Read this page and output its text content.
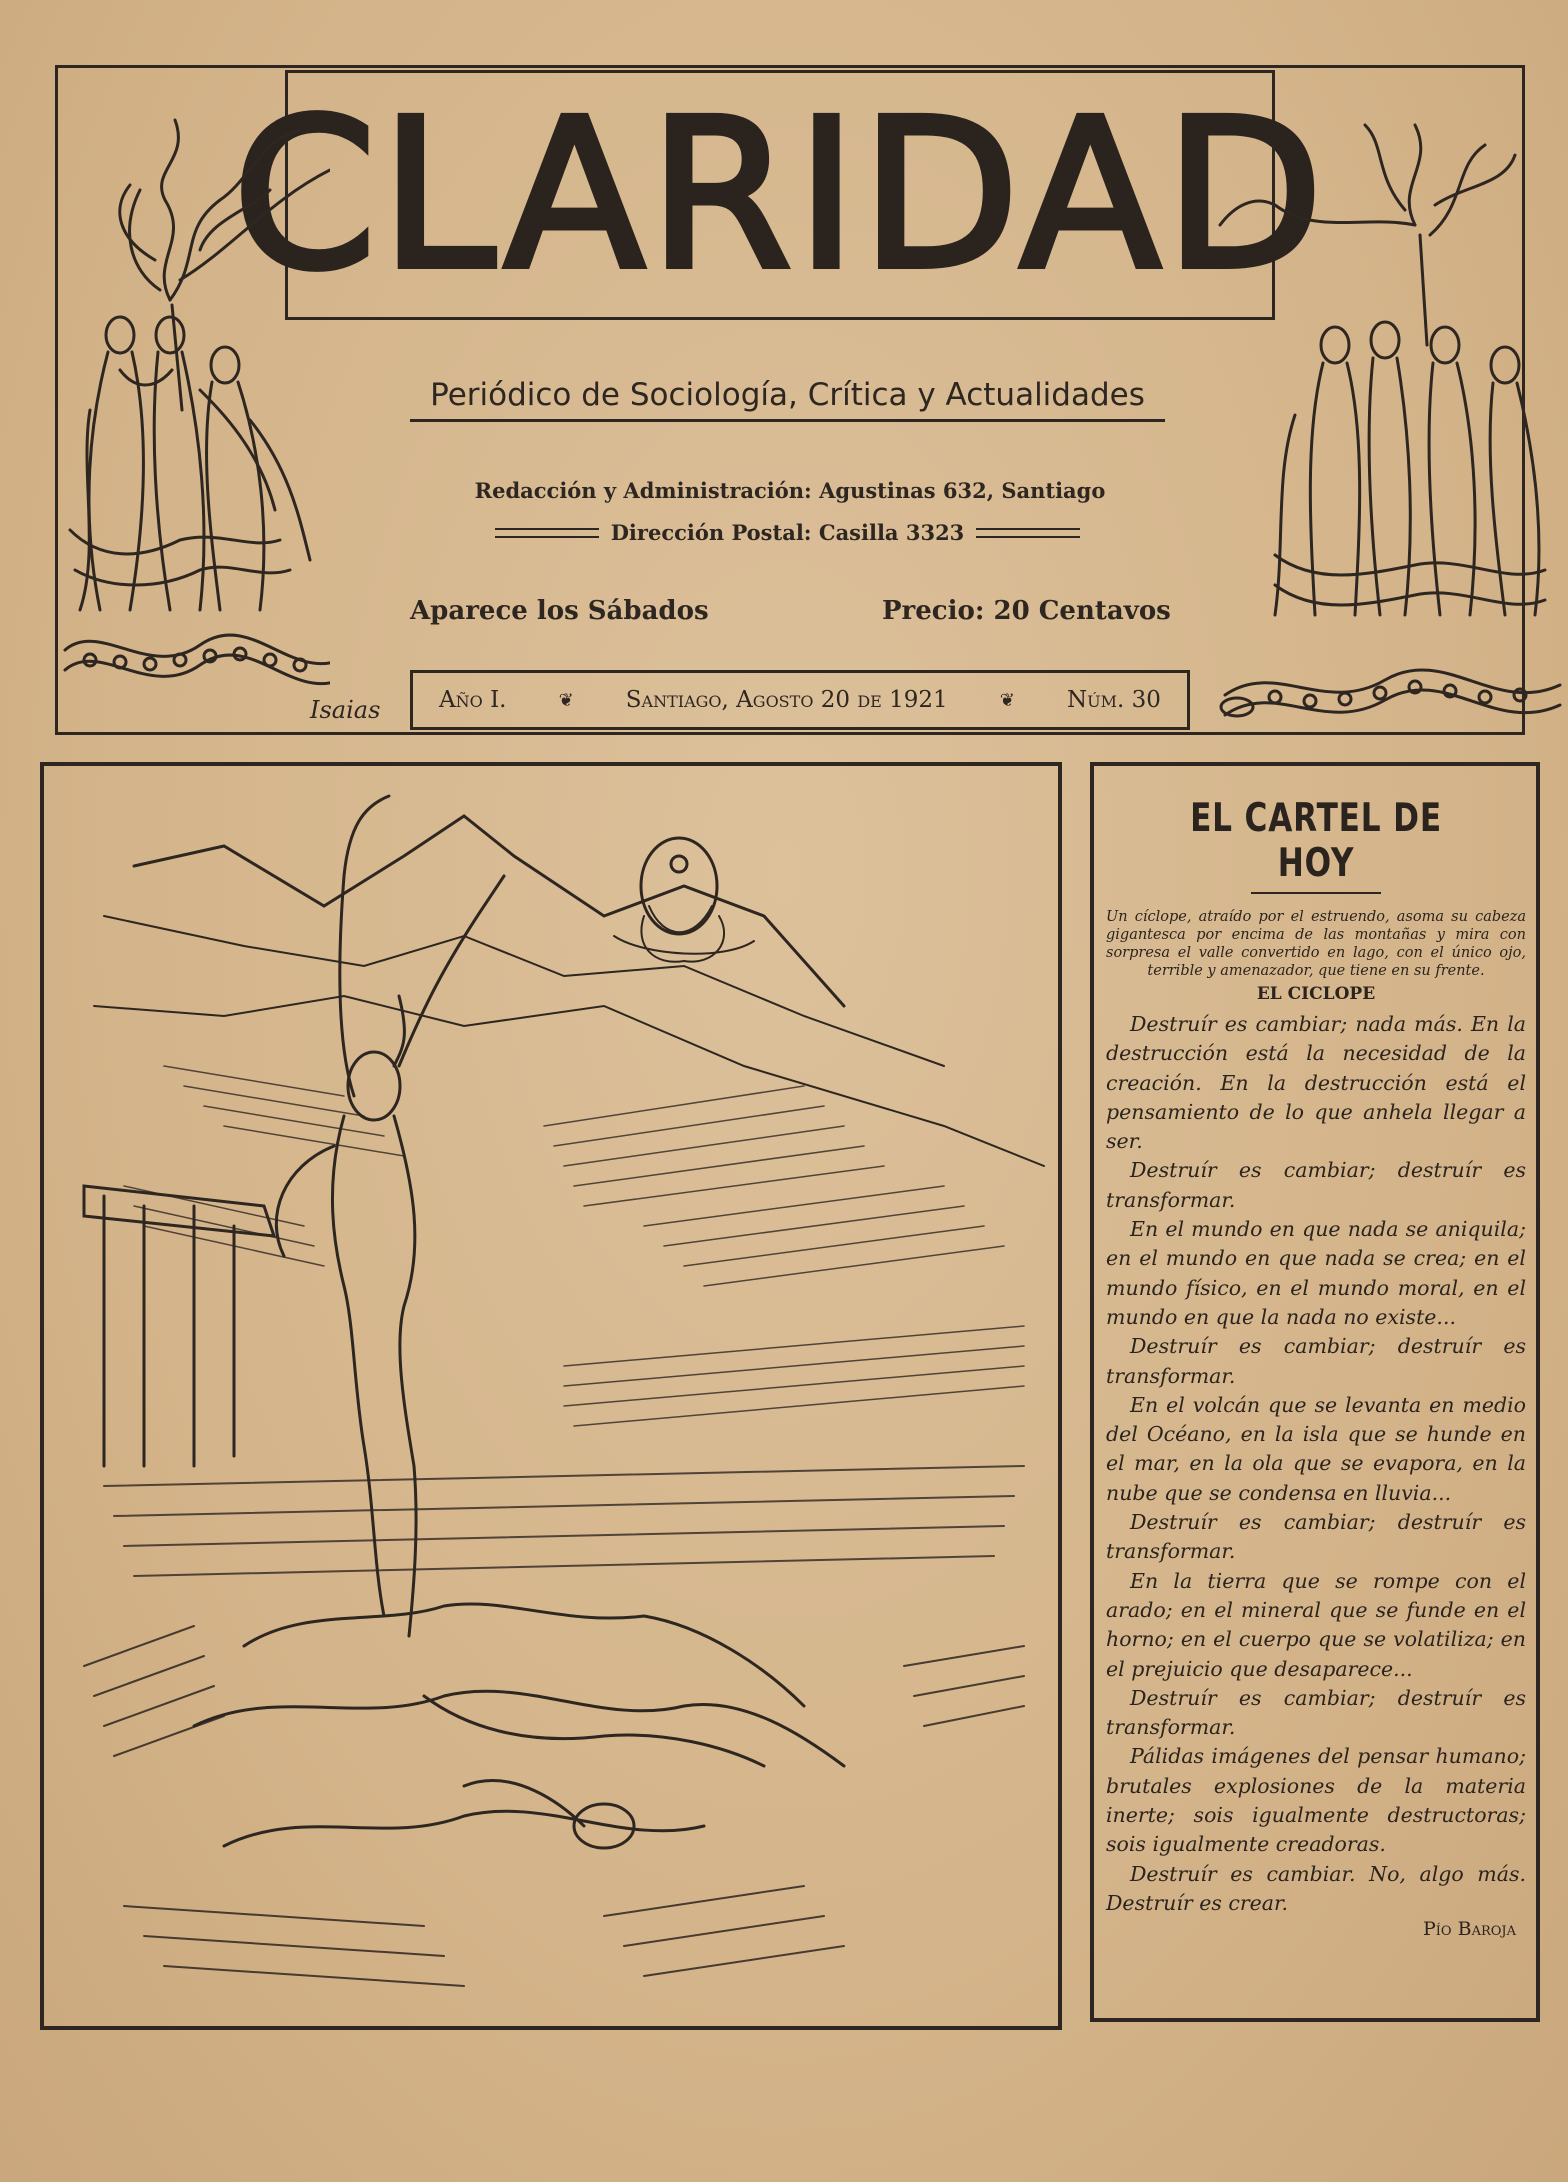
CLARIDAD
Periódico de Sociología, Crítica y Actualidades
Redacción y Administración: Agustinas 632, Santiago
Dirección Postal: Casilla 3323
Aparece los Sábados	Precio: 20 Centavos
Año I.	❦ Santiago, Agosto 20 de 1921	❦ Núm. 30
Isaias
EL CARTEL DE HOY
Un cíclope, atraído por el estruendo, asoma su cabeza gigantesca por encima de las montañas y mira con sorpresa el valle convertido en lago, con el único ojo, terrible y amenazador, que tiene en su frente.
EL CICLOPE

Destruír es cambiar; nada más. En la destrucción está la necesidad de la creación. En la destrucción está el pensamiento de lo que anhela llegar a ser.

Destruír es cambiar; destruír es transformar.

En el mundo en que nada se aniquila; en el mundo en que nada se crea; en el mundo físico, en el mundo moral, en el mundo en que la nada no existe...

Destruír es cambiar; destruír es transformar.

En el volcán que se levanta en medio del Océano, en la isla que se hunde en el mar, en la ola que se evapora, en la nube que se condensa en lluvia...

Destruír es cambiar; destruír es transformar.

En la tierra que se rompe con el arado; en el mineral que se funde en el horno; en el cuerpo que se volatiliza; en el prejuicio que desaparece...

Destruír es cambiar; destruír es transformar.

Pálidas imágenes del pensar humano; brutales explosiones de la materia inerte; sois igualmente destructoras; sois igualmente creadoras.

Destruír es cambiar. No, algo más. Destruír es crear.

Pío Baroja
